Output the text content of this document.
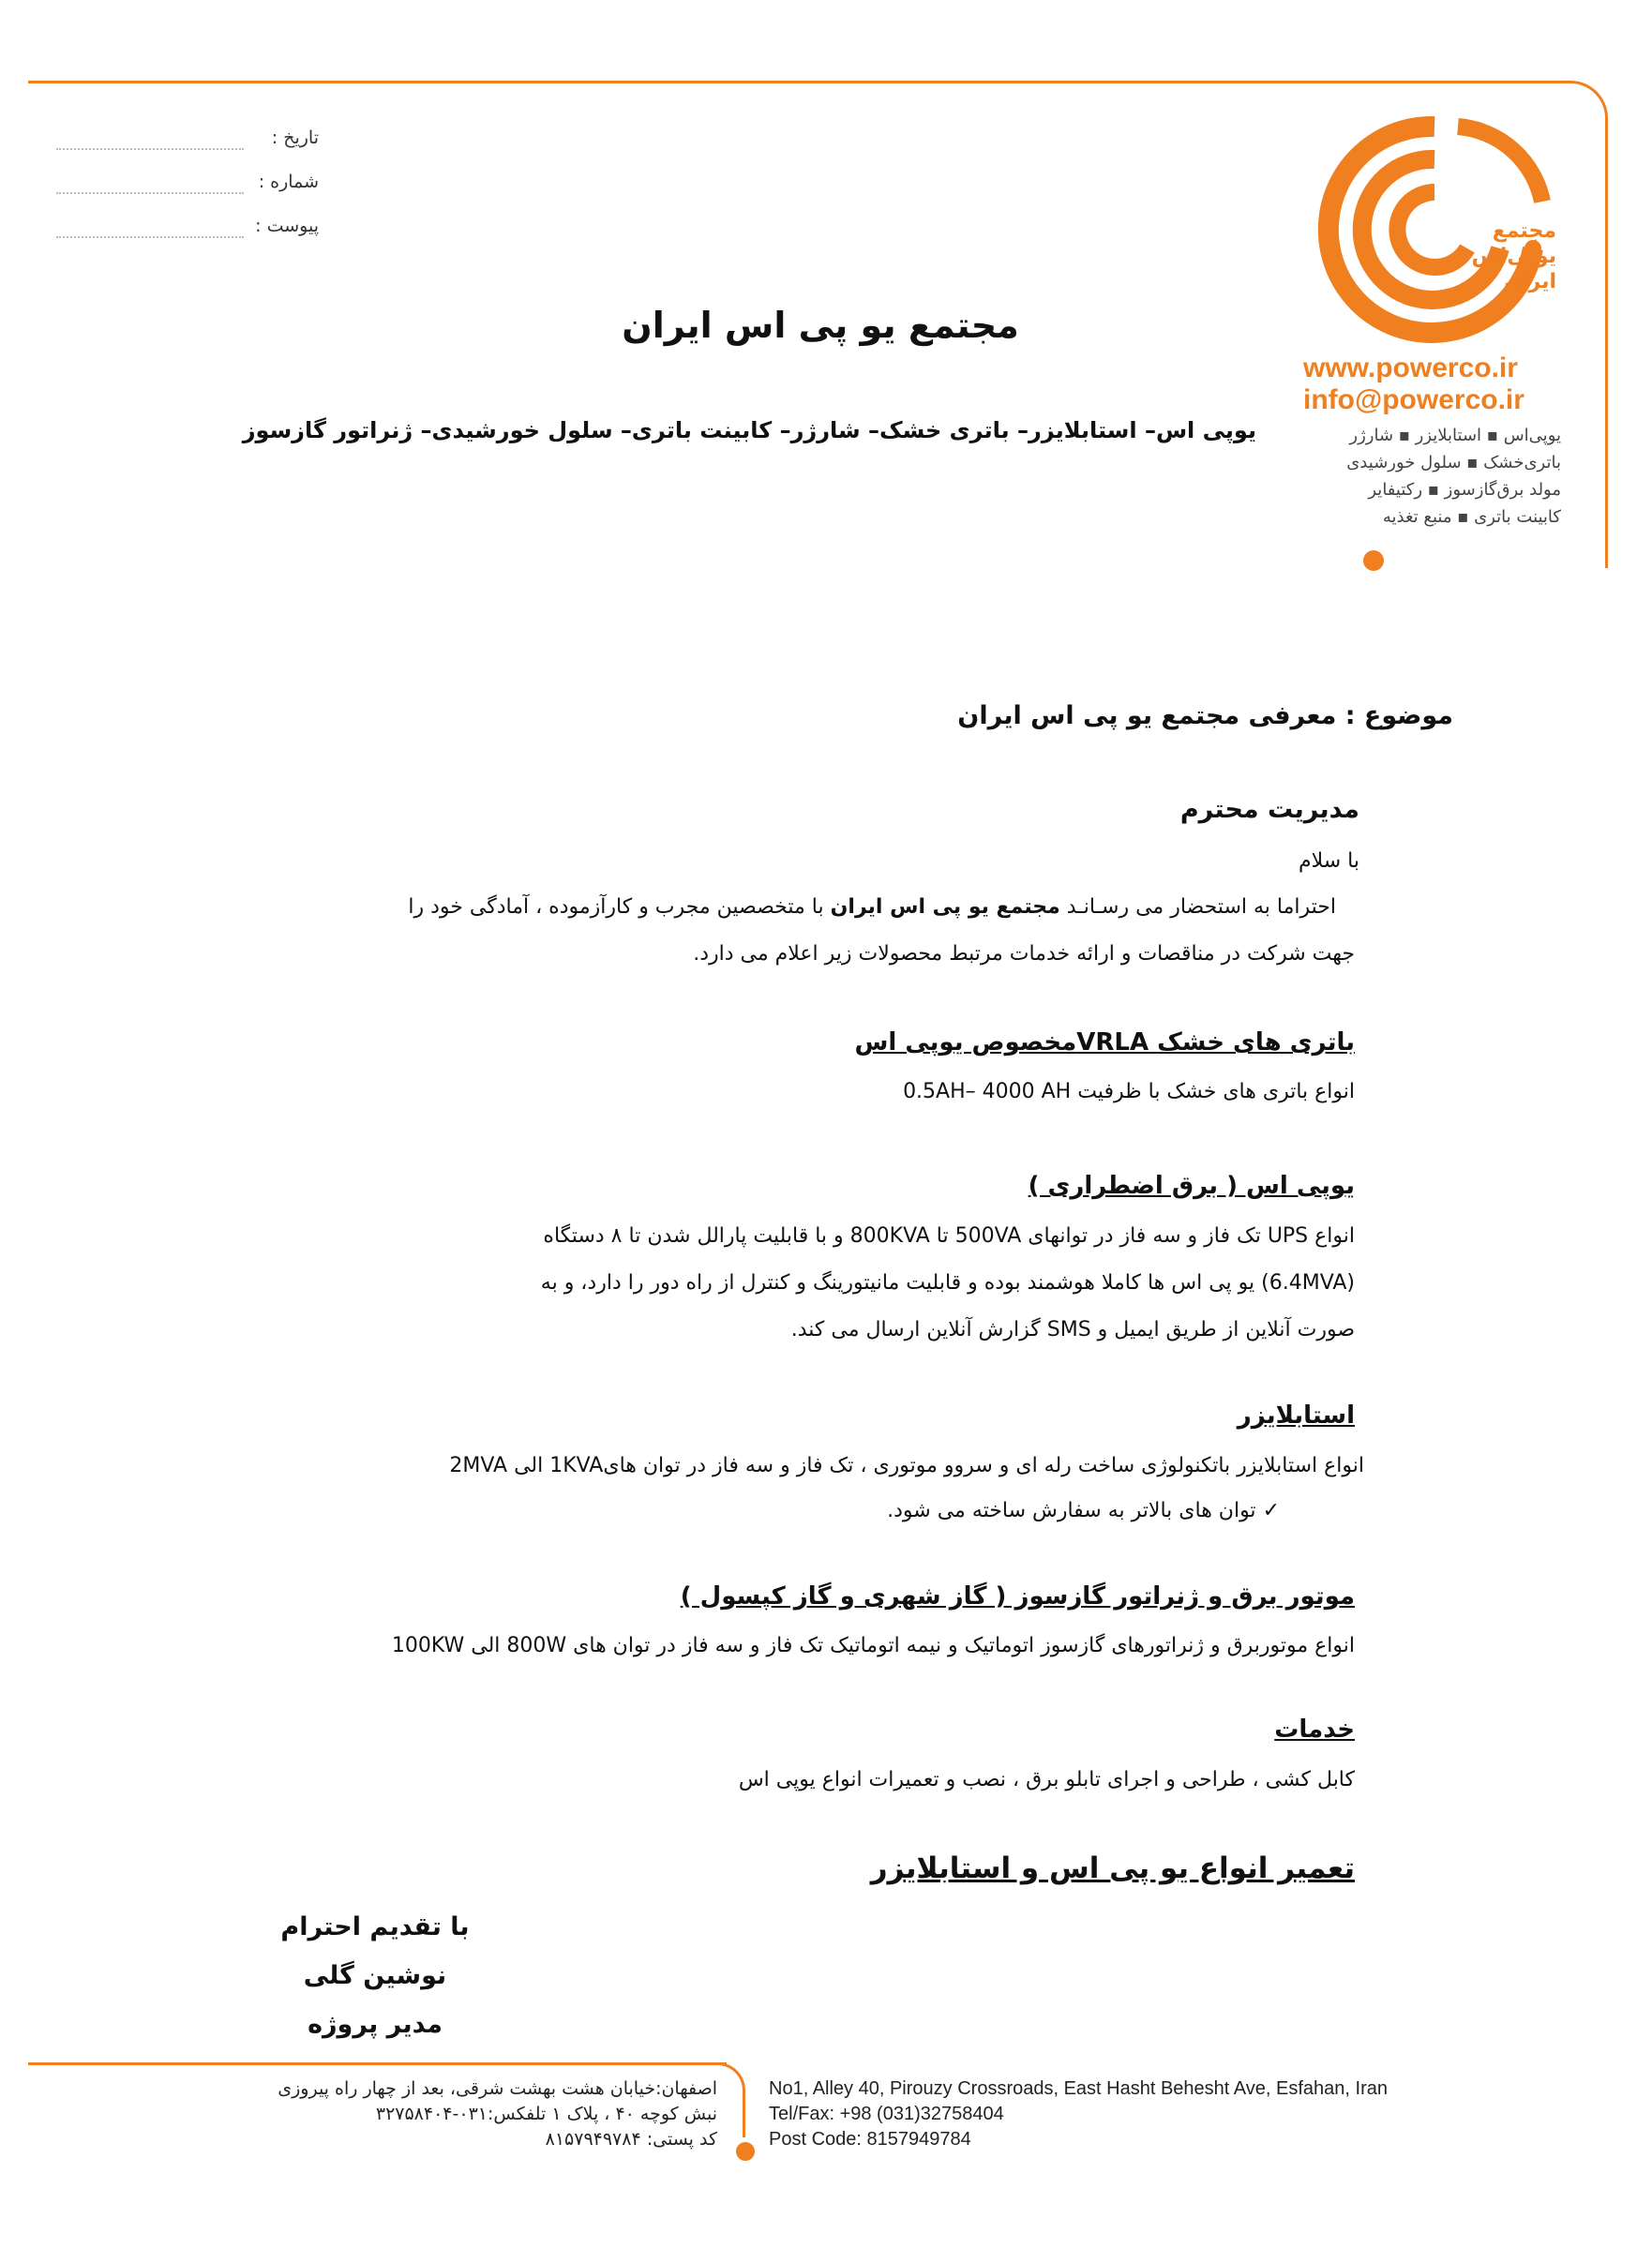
تاریخ :
شماره :
پیوست :	مجتمع
یوپی‌اس
ایران
www.powerco.ir
info@powerco.ir
یوپی‌اس ▪ استابلایزر ▪ شارژر
باتری‌خشک ▪ سلول خورشیدی
مولد برق‌گازسوز ▪ رکتیفایر
کابینت باتری ▪ منبع تغذیه
مجتمع یو پی اس ایران
یوپی اس– استابلایزر– باتری خشک– شارژر– کابینت باتری– سلول خورشیدی– ژنراتور گازسوز
موضوع : معرفی مجتمع یو پی اس ایران
مدیریت محترم
با سلام
احتراما به استحضار می رسـانـد مجتمع یو پی اس ایران با متخصصین مجرب و کارآزموده ، آمادگی خود را
جهت شرکت در مناقصات و ارائه خدمات مرتبط محصولات زیر اعلام می دارد.
باتری های خشک VRLAمخصوص یوپی اس
انواع باتری های خشک با ظرفیت 0.5AH– 4000 AH
یوپی اس ( برق اضطراری )
انواع UPS تک فاز و سه فاز در توانهای 500VA تا 800KVA و با قابلیت پارالل شدن تا ۸ دستگاه
(6.4MVA) یو پی اس ها کاملا هوشمند بوده و قابلیت مانیتورینگ و کنترل از راه دور را دارد، و به
صورت آنلاین از طریق ایمیل و SMS گزارش آنلاین ارسال می کند.
استابلایزر
انواع استابلایزر باتکنولوژی ساخت رله ای و سروو موتوری ، تک فاز و سه فاز در توان های1KVA الی 2MVA
✓ توان های بالاتر به سفارش ساخته می شود.
موتور برق و ژنراتور گازسوز ( گاز شهری و گاز کپسول )
انواع موتوربرق و ژنراتورهای گازسوز اتوماتیک و نیمه اتوماتیک تک فاز و سه فاز در توان های 800W الی 100KW
خدمات
کابل کشی ، طراحی و اجرای تابلو برق ، نصب و تعمیرات انواع یوپی اس
تعمیر انواع یو پی اس و استابلایزر
با تقدیم احترام
نوشین گلی
مدیر پروژه
اصفهان:خیابان هشت بهشت شرقی، بعد از چهار راه پیروزی
نبش کوچه ۴۰ ، پلاک ۱ تلفکس:۰۳۱-۳۲۷۵۸۴۰۴
کد پستی: ۸۱۵۷۹۴۹۷۸۴
No1, Alley 40, Pirouzy Crossroads, East Hasht Behesht Ave, Esfahan, Iran
Tel/Fax: +98 (031)32758404
Post Code: 8157949784
